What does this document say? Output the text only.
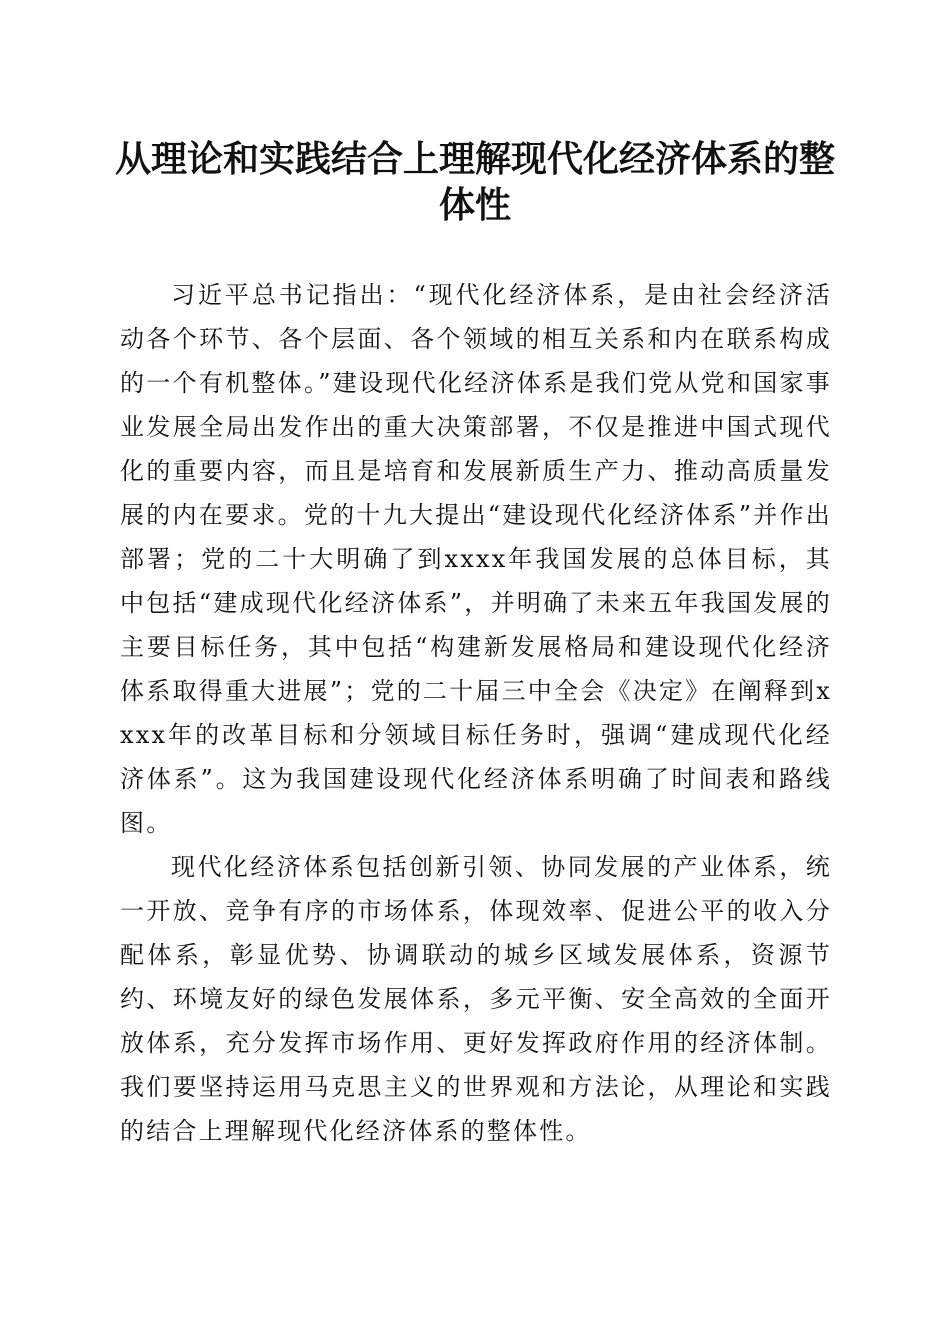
从理论和实践结合上理解现代化经济体系的整体性

习近平总书记指出：“现代化经济体系，是由社会经济活动各个环节、各个层面、各个领域的相互关系和内在联系构成的一个有机整体。”建设现代化经济体系是我们党从党和国家事业发展全局出发作出的重大决策部署，不仅是推进中国式现代化的重要内容，而且是培育和发展新质生产力、推动高质量发展的内在要求。党的十九大提出“建设现代化经济体系”并作出部署；党的二十大明确了到xxxx年我国发展的总体目标，其中包括“建成现代化经济体系”，并明确了未来五年我国发展的主要目标任务，其中包括“构建新发展格局和建设现代化经济体系取得重大进展”；党的二十届三中全会《决定》在阐释到xxxx年的改革目标和分领域目标任务时，强调“建成现代化经济体系”。这为我国建设现代化经济体系明确了时间表和路线图。

现代化经济体系包括创新引领、协同发展的产业体系，统一开放、竞争有序的市场体系，体现效率、促进公平的收入分配体系，彰显优势、协调联动的城乡区域发展体系，资源节约、环境友好的绿色发展体系，多元平衡、安全高效的全面开放体系，充分发挥市场作用、更好发挥政府作用的经济体制。我们要坚持运用马克思主义的世界观和方法论，从理论和实践的结合上理解现代化经济体系的整体性。
